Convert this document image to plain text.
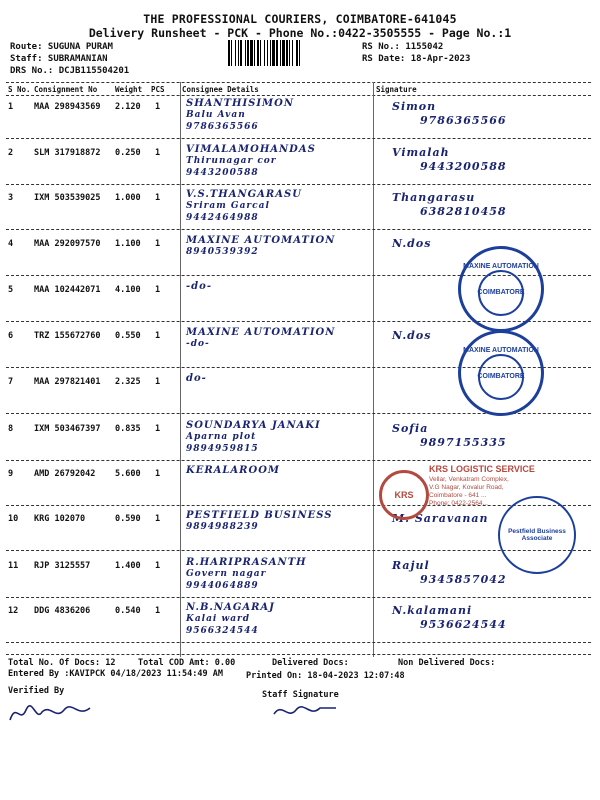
THE PROFESSIONAL COURIERS, COIMBATORE-641045
Delivery Runsheet - PCK - Phone No.:0422-3505555 - Page No.:1
Route: SUGUNA PURAM
Staff: SUBRAMANIAN
DRS No.: DCJB115504201
RS No.: 1155042
RS Date: 18-Apr-2023
S No. Consignment No Weight PCS Consignee Details	Signature
1 MAA 298943569 2.120 1	SHANTHISIMON
Balu Avan
9786365566
Simon
9786365566
2 SLM 317918872 0.250 1	VIMALAMOHANDAS
Thirunagar cor
9443200588
Vimalah
9443200588
3 IXM 503539025 1.000 1	V.S.THANGARASU
Sriram Garcal
9442464988
Thangarasu
6382810458
4 MAA 292097570 1.100 1	MAXINE AUTOMATION
8940539392
N.dos
5 MAA 102442071 4.100 1	-do-
6 TRZ 155672760 0.550 1	MAXINE AUTOMATION
-do-
N.dos
7 MAA 297821401 2.325 1	do-
8 IXM 503467397 0.835 1	SOUNDARYA JANAKI
Aparna plot
9894959815
Sofia
9897155335
9 AMD 26792042 5.600 1	KERALAROOM
10 KRG 102070	0.590 1	PESTFIELD BUSINESS
9894988239
M. Saravanan
11 RJP 3125557	1.400 1	R.HARIPRASANTH
Govern nagar
9944064889
Rajul
9345857042
12 DDG 4836206	0.540 1	N.B.NAGARAJ
Kalai ward
9566324544
N.kalamani
9536624544
MAXINE AUTOMATION
COIMBATORE
MAXINE AUTOMATION
COIMBATORE
KRS
KRS LOGISTIC SERVICE
Vellar, Venkatram Complex,
V.G Nagar, Kovalur Road,
Coimbatore - 641 ...
Phone: 0422-2564...
Pestfield Business Associate
Total No. Of Docs: 12	Total COD Amt: 0.00	Delivered Docs:	Non Delivered Docs:
Entered By :KAVIPCK 04/18/2023 11:54:49 AM	Printed On: 18-04-2023 12:07:48
Verified By	Staff Signature
